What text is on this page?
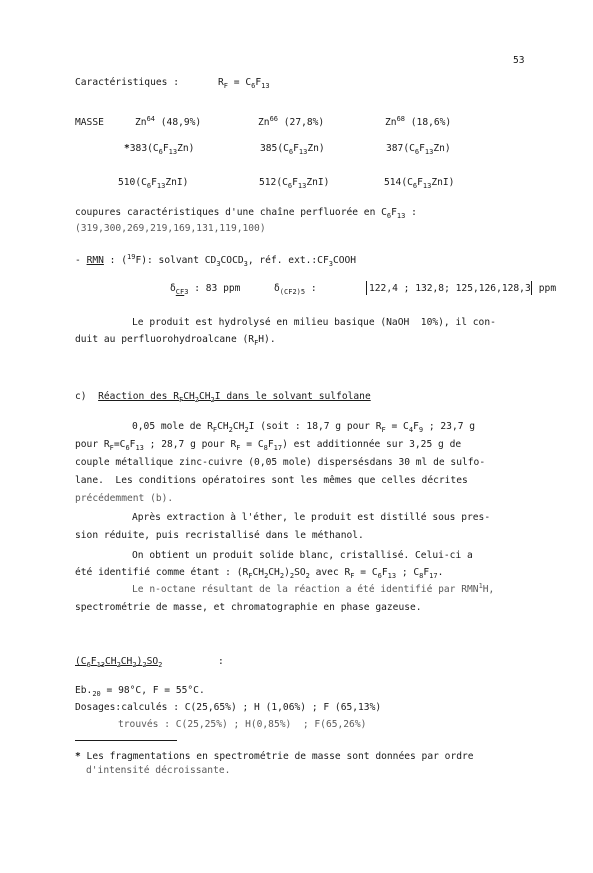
53
Caractéristiques :	$R_F = C_6F_{13}$
MASSE	Zn$^{64}$ (48,9%)	Zn$^{66}$ (27,8%)	Zn$^{68}$ (18,6%)
$*383(C_6F_{13}Zn)$	$385(C_6F_{13}Zn)$	$387(C_6F_{13}Zn)$
$510(C_6F_{13}ZnI)$	$512(C_6F_{13}ZnI)$	$514(C_6F_{13}ZnI)$
coupures caractéristiques d'une chaîne perfluorée en $C_6F_{13}$ :
(319,300,269,219,169,131,119,100)
- RMN : ($^{19}$F): solvant $CD_3COCD_3$, réf. $ext.:CF_3COOH$
$\delta_{CF3}$ : 83 ppm	$\delta_{(CF2)5}$ :	122,4 ; 132,8; 125,126,128,3 ppm
Le produit est hydrolysé en milieu basique (NaOH  10%), il con-
duit au perfluorohydroalcane $(R_FH)$.
c)  Réaction des $R_FCH_2CH_2I$ dans le solvant sulfolane
0,05 mole de $R_FCH_2CH_2I$ (soit : 18,7 g pour $R_F = C_4F_9$ ; 23,7 g
pour $R_F=C_6F_{13}$ ; 28,7 g pour $R_F = C_8F_{17}$) est additionnée sur 3,25 g de
couple métallique zinc-cuivre (0,05 mole) dispersésdans 30 ml de sulfo-
lane.  Les conditions opératoires sont les mêmes que celles décrites
précédemment (b).
Après extraction à l'éther, le produit est distillé sous pres-
sion réduite, puis recristallisé dans le méthanol.
On obtient un produit solide blanc, cristallisé. Celui-ci a
été identifié comme étant : $(R_FCH_2CH_2)_2SO_2$ avec $R_F = C_6F_{13}$ ; $C_8F_{17}$.
Le n-octane résultant de la réaction a été identifié par RMN$^1$H,
spectrométrie de masse, et chromatographie en phase gazeuse.
$(C_6F_{13}CH_2CH_2)_2SO_2$	:
$Eb._{20} = 98^\circ C$, F = 55°C.
Dosages:calculés : C(25,65%) ; H (1,06%) ; F (65,13%)
trouvés : C(25,25%) ; H(0,85%)  ; F(65,26%)
* Les fragmentations en spectrométrie de masse sont données par ordre
d'intensité décroissante.
